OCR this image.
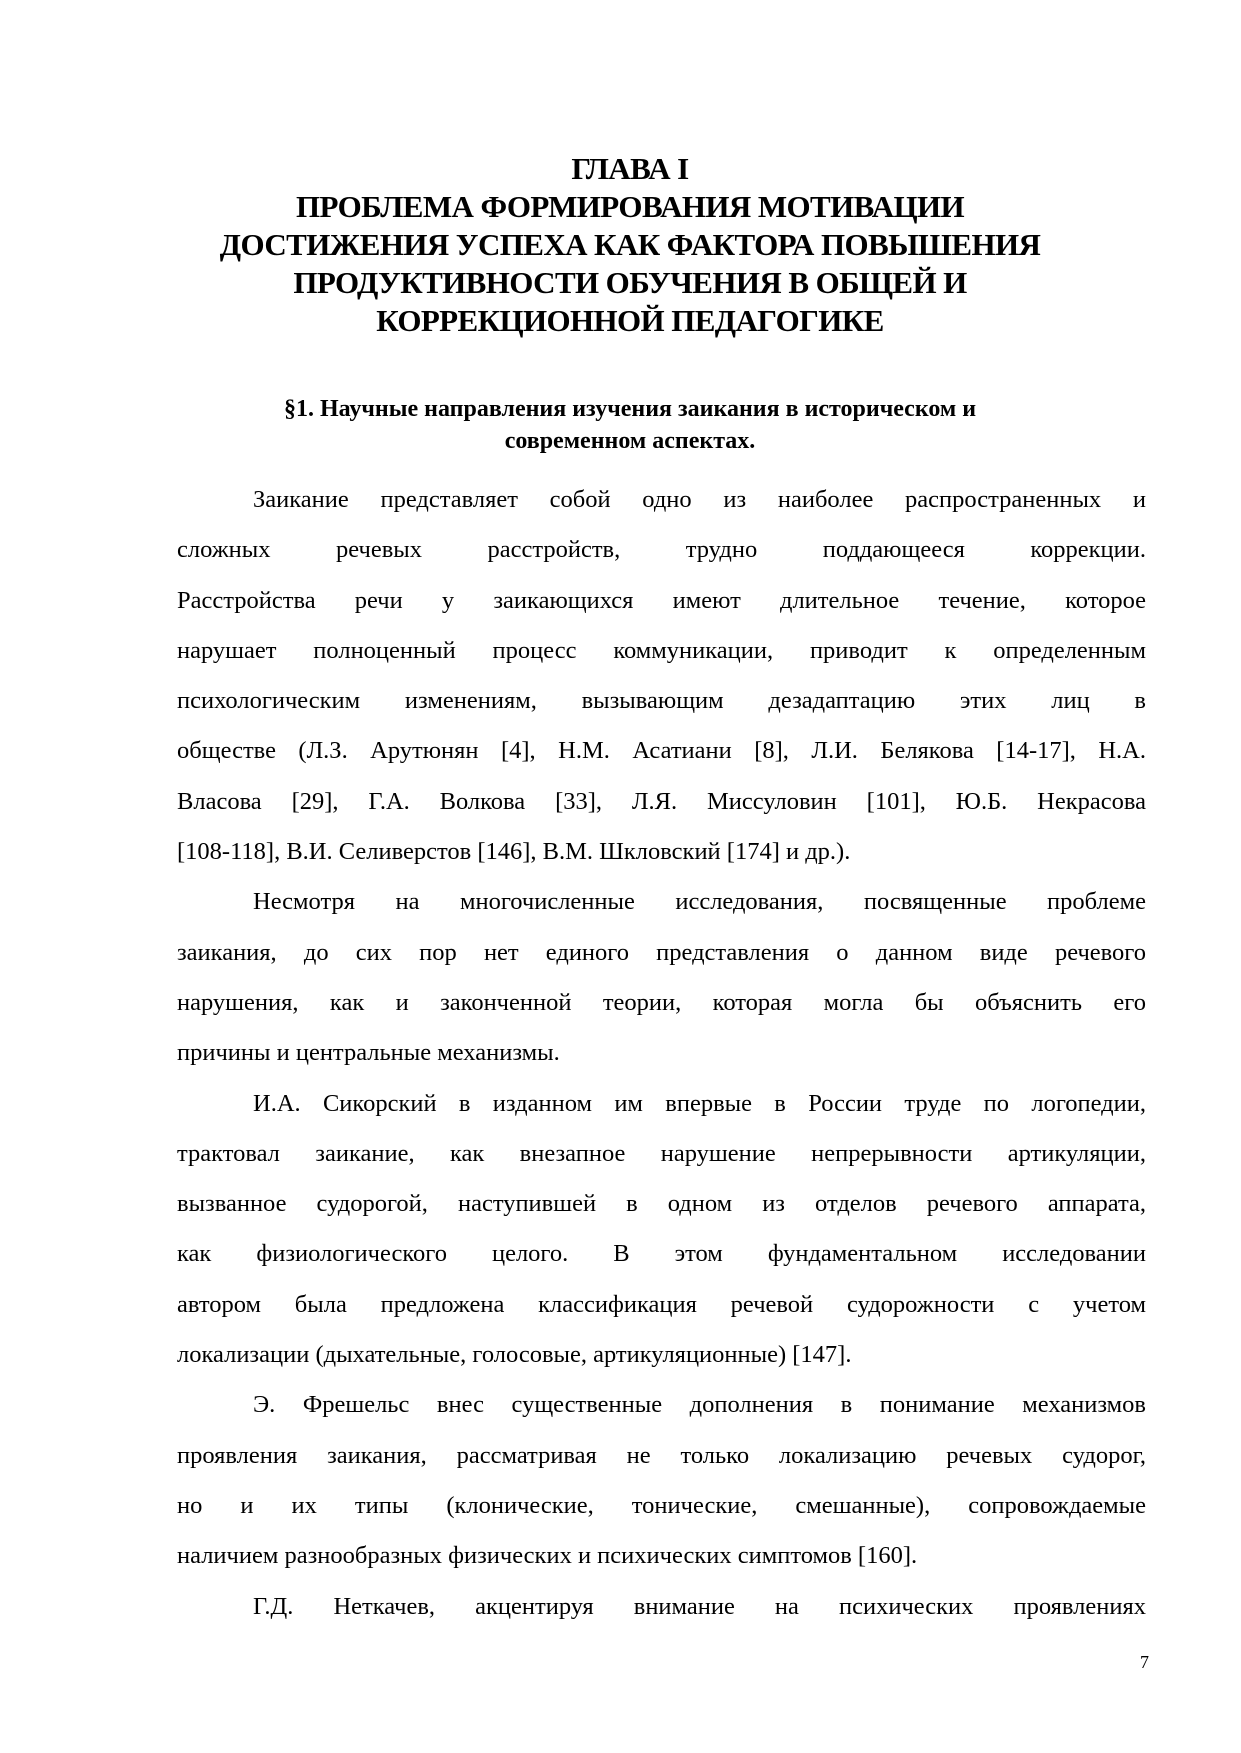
ГЛАВА I
ПРОБЛЕМА ФОРМИРОВАНИЯ МОТИВАЦИИ
ДОСТИЖЕНИЯ УСПЕХА КАК ФАКТОРА ПОВЫШЕНИЯ
ПРОДУКТИВНОСТИ ОБУЧЕНИЯ В ОБЩЕЙ И
КОРРЕКЦИОННОЙ ПЕДАГОГИКЕ
§1. Научные направления изучения заикания в историческом и
современном аспектах.
Заикание представляет собой одно из наиболее распространенных и
сложных речевых расстройств, трудно поддающееся коррекции.
Расстройства речи у заикающихся имеют длительное течение, которое
нарушает полноценный процесс коммуникации, приводит к определенным
психологическим изменениям, вызывающим дезадаптацию этих лиц в
обществе (Л.З. Арутюнян [4], Н.М. Асатиани [8], Л.И. Белякова [14-17], Н.А.
Власова [29], Г.А. Волкова [33], Л.Я. Миссуловин [101], Ю.Б. Некрасова
[108-118], В.И. Селиверстов [146], В.М. Шкловский [174] и др.).
Несмотря на многочисленные исследования, посвященные проблеме
заикания, до сих пор нет единого представления о данном виде речевого
нарушения, как и законченной теории, которая могла бы объяснить его
причины и центральные механизмы.
И.А. Сикорский в изданном им впервые в России труде по логопедии,
трактовал заикание, как внезапное нарушение непрерывности артикуляции,
вызванное судорогой, наступившей в одном из отделов речевого аппарата,
как физиологического целого. В этом фундаментальном исследовании
автором была предложена классификация речевой судорожности с учетом
локализации (дыхательные, голосовые, артикуляционные) [147].
Э. Фрешельс внес существенные дополнения в понимание механизмов
проявления заикания, рассматривая не только локализацию речевых судорог,
но и их типы (клонические, тонические, смешанные), сопровождаемые
наличием разнообразных физических и психических симптомов [160].
Г.Д. Неткачев, акцентируя внимание на психических проявлениях
7
